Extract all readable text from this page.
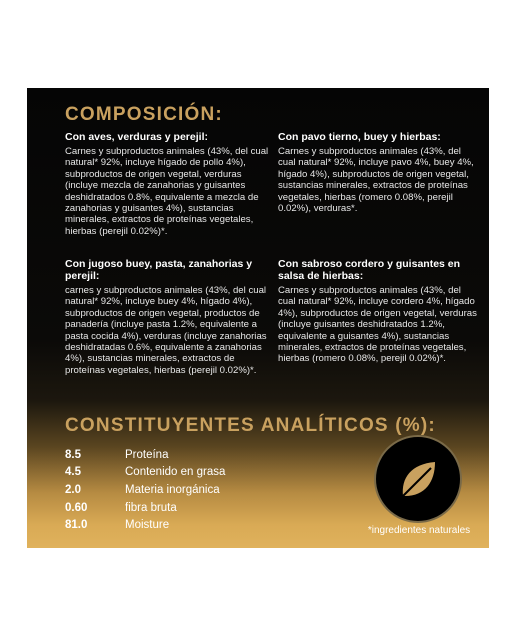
COMPOSICIÓN:

Con aves, verduras y perejil:

Carnes y subproductos animales (43%, del cual natural* 92%, incluye hígado de pollo 4%), subproductos de origen vegetal, verduras (incluye mezcla de zanahorias y guisantes deshidratados 0.8%, equivalente a mezcla de zanahorias y guisantes 4%), sustancias minerales, extractos de proteínas vegetales, hierbas (perejil 0.02%)*.

Con pavo tierno, buey y hierbas:

Carnes y subproductos animales (43%, del cual natural* 92%, incluye pavo 4%, buey 4%, hígado 4%), subproductos de origen vegetal, sustancias minerales, extractos de proteínas vegetales, hierbas (romero 0.08%, perejil 0.02%), verduras*.

Con jugoso buey, pasta, zanahorias y perejil:

carnes y subproductos animales (43%, del cual natural* 92%, incluye buey 4%, hígado 4%), subproductos de origen vegetal, productos de panadería (incluye pasta 1.2%, equivalente a pasta cocida 4%), verduras (incluye zanahorias deshidratadas 0.6%, equivalente a zanahorias 4%), sustancias minerales, extractos de proteínas vegetales, hierbas (perejil 0.02%)*.

Con sabroso cordero y guisantes en salsa de hierbas:

Carnes y subproductos animales (43%, del cual natural* 92%, incluye cordero 4%, hígado 4%), subproductos de origen vegetal, verduras (incluye guisantes deshidratados 1.2%, equivalente a guisantes 4%), sustancias minerales, extractos de proteínas vegetales, hierbas (romero 0.08%, perejil 0.02%)*.

CONSTITUYENTES ANALÍTICOS (%):
8.5	Proteína
4.5	Contenido en grasa
2.0	Materia inorgánica
0.60	fibra bruta
81.0	Moisture	*ingredientes naturales
